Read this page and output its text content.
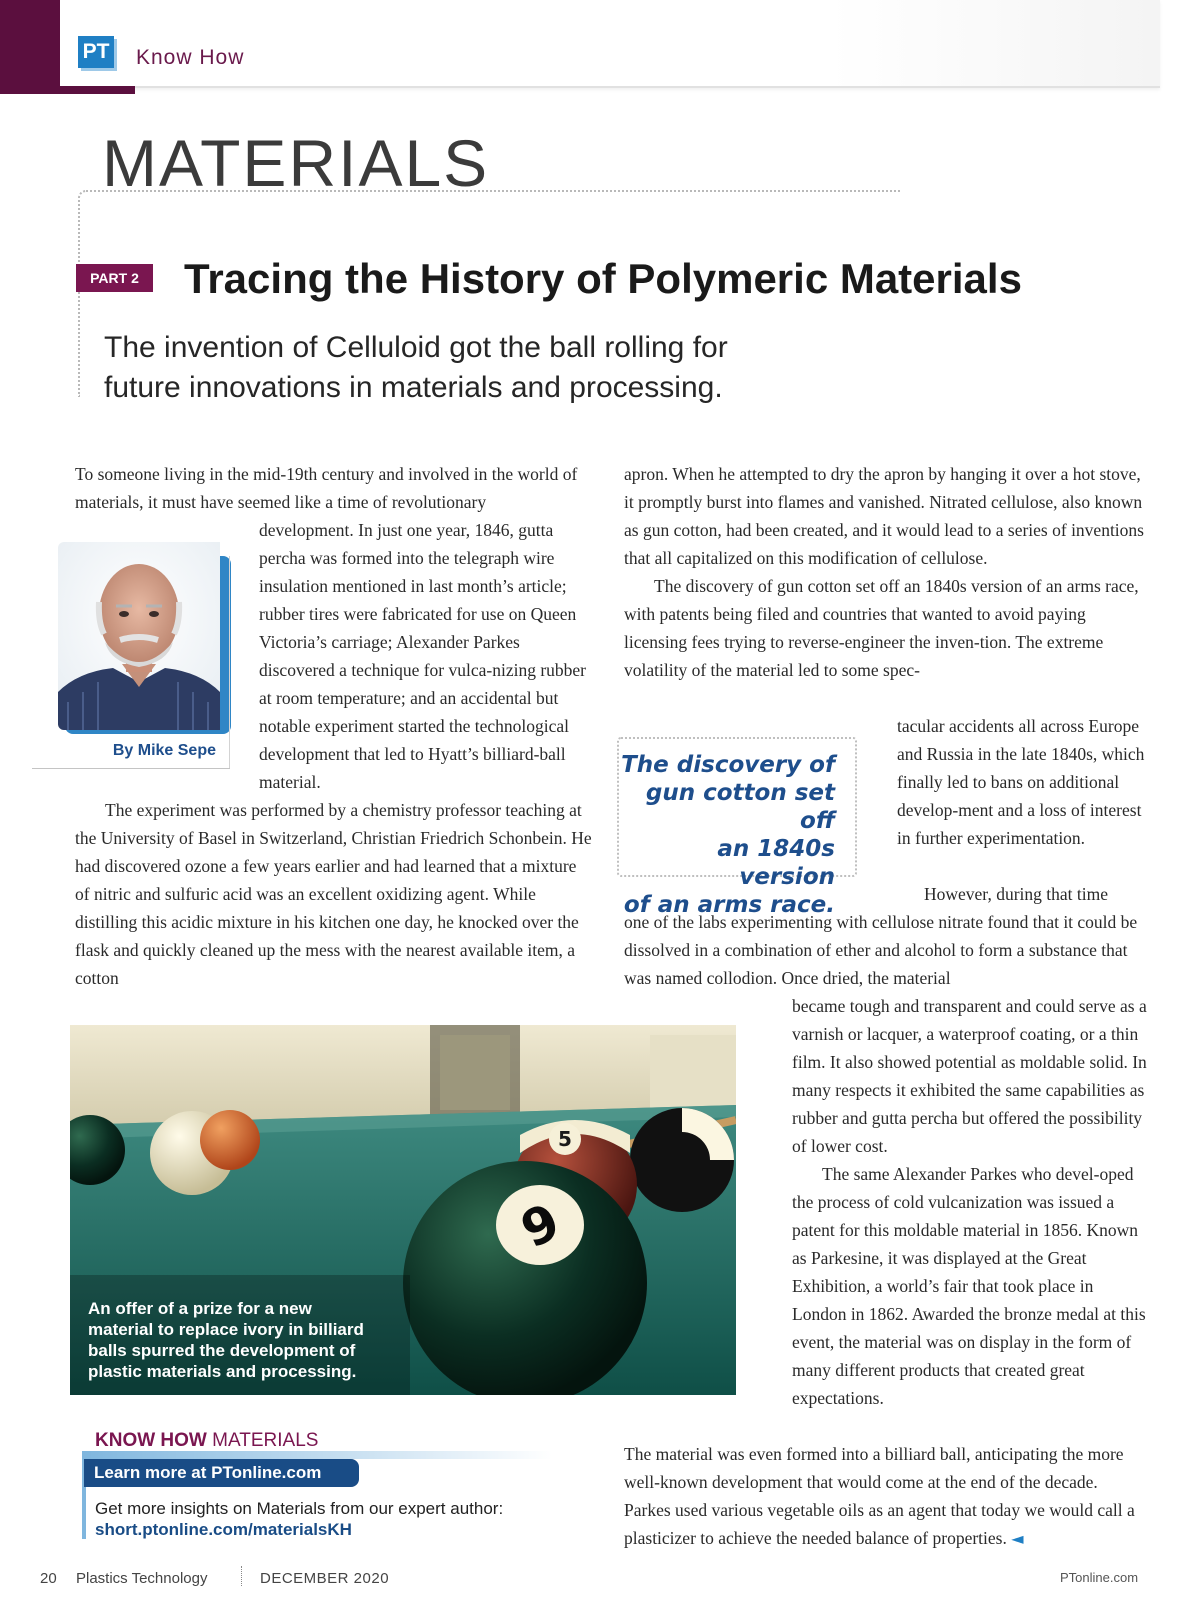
PT Know How
MATERIALS
PART 2	Tracing the History of Polymeric Materials
The invention of Celluloid got the ball rolling for
future innovations in materials and processing.
By Mike Sepe

To someone living in the mid-19th century and involved in the world of materials, it must have seemed like a time of revolutionary

development. In just one year, 1846, gutta percha was formed into the telegraph wire insulation mentioned in last month’s article; rubber tires were fabricated for use on Queen Victoria’s carriage; Alexander Parkes discovered a technique for vulca-nizing rubber at room temperature; and an accidental but notable experiment started the technological development that led to Hyatt’s billiard-ball material.

The experiment was performed by a chemistry professor teaching at the University of Basel in Switzerland, Christian Friedrich Schonbein. He had discovered ozone a few years earlier and had learned that a mixture of nitric and sulfuric acid was an excellent oxidizing agent. While distilling this acidic mixture in his kitchen one day, he knocked over the flask and quickly cleaned up the mess with the nearest available item, a cotton

apron. When he attempted to dry the apron by hanging it over a hot stove, it promptly burst into flames and vanished. Nitrated cellulose, also known as gun cotton, had been created, and it would lead to a series of inventions that all capitalized on this modification of cellulose.

The discovery of gun cotton set off an 1840s version of an arms race, with patents being filed and countries that wanted to avoid paying licensing fees trying to reverse-engineer the inven-tion. The extreme volatility of the material led to some spec-

The discovery of
gun cotton set off
an 1840s version
of an arms race.

tacular accidents all across Europe and Russia in the late 1840s, which finally led to bans on additional develop-ment and a loss of interest in further experimentation.

However, during that time

one of the labs experimenting with cellulose nitrate found that it could be dissolved in a combination of ether and alcohol to form a substance that was named collodion. Once dried, the material

became tough and transparent and could serve as a varnish or lacquer, a waterproof coating, or a thin film. It also showed potential as moldable solid. In many respects it exhibited the same capabilities as rubber and gutta percha but offered the possibility of lower cost.

The same Alexander Parkes who devel-oped the process of cold vulcanization was issued a patent for this moldable material in 1856. Known as Parkesine, it was displayed at the Great Exhibition, a world’s fair that took place in London in 1862. Awarded the bronze medal at this event, the material was on display in the form of many different products that created great expectations.

The material was even formed into a billiard ball, anticipating the more well-known development that would come at the end of the decade. Parkes used various vegetable oils as an agent that today we would call a plasticizer to achieve the needed balance of properties. ◄

5
9
An offer of a prize for a new
material to replace ivory in billiard
balls spurred the development of
plastic materials and processing.
KNOW HOW MATERIALS
Learn more at PTonline.com
Get more insights on Materials from our expert author:
short.ptonline.com/materialsKH
20 Plastics Technology	DECEMBER 2020	PTonline.com
